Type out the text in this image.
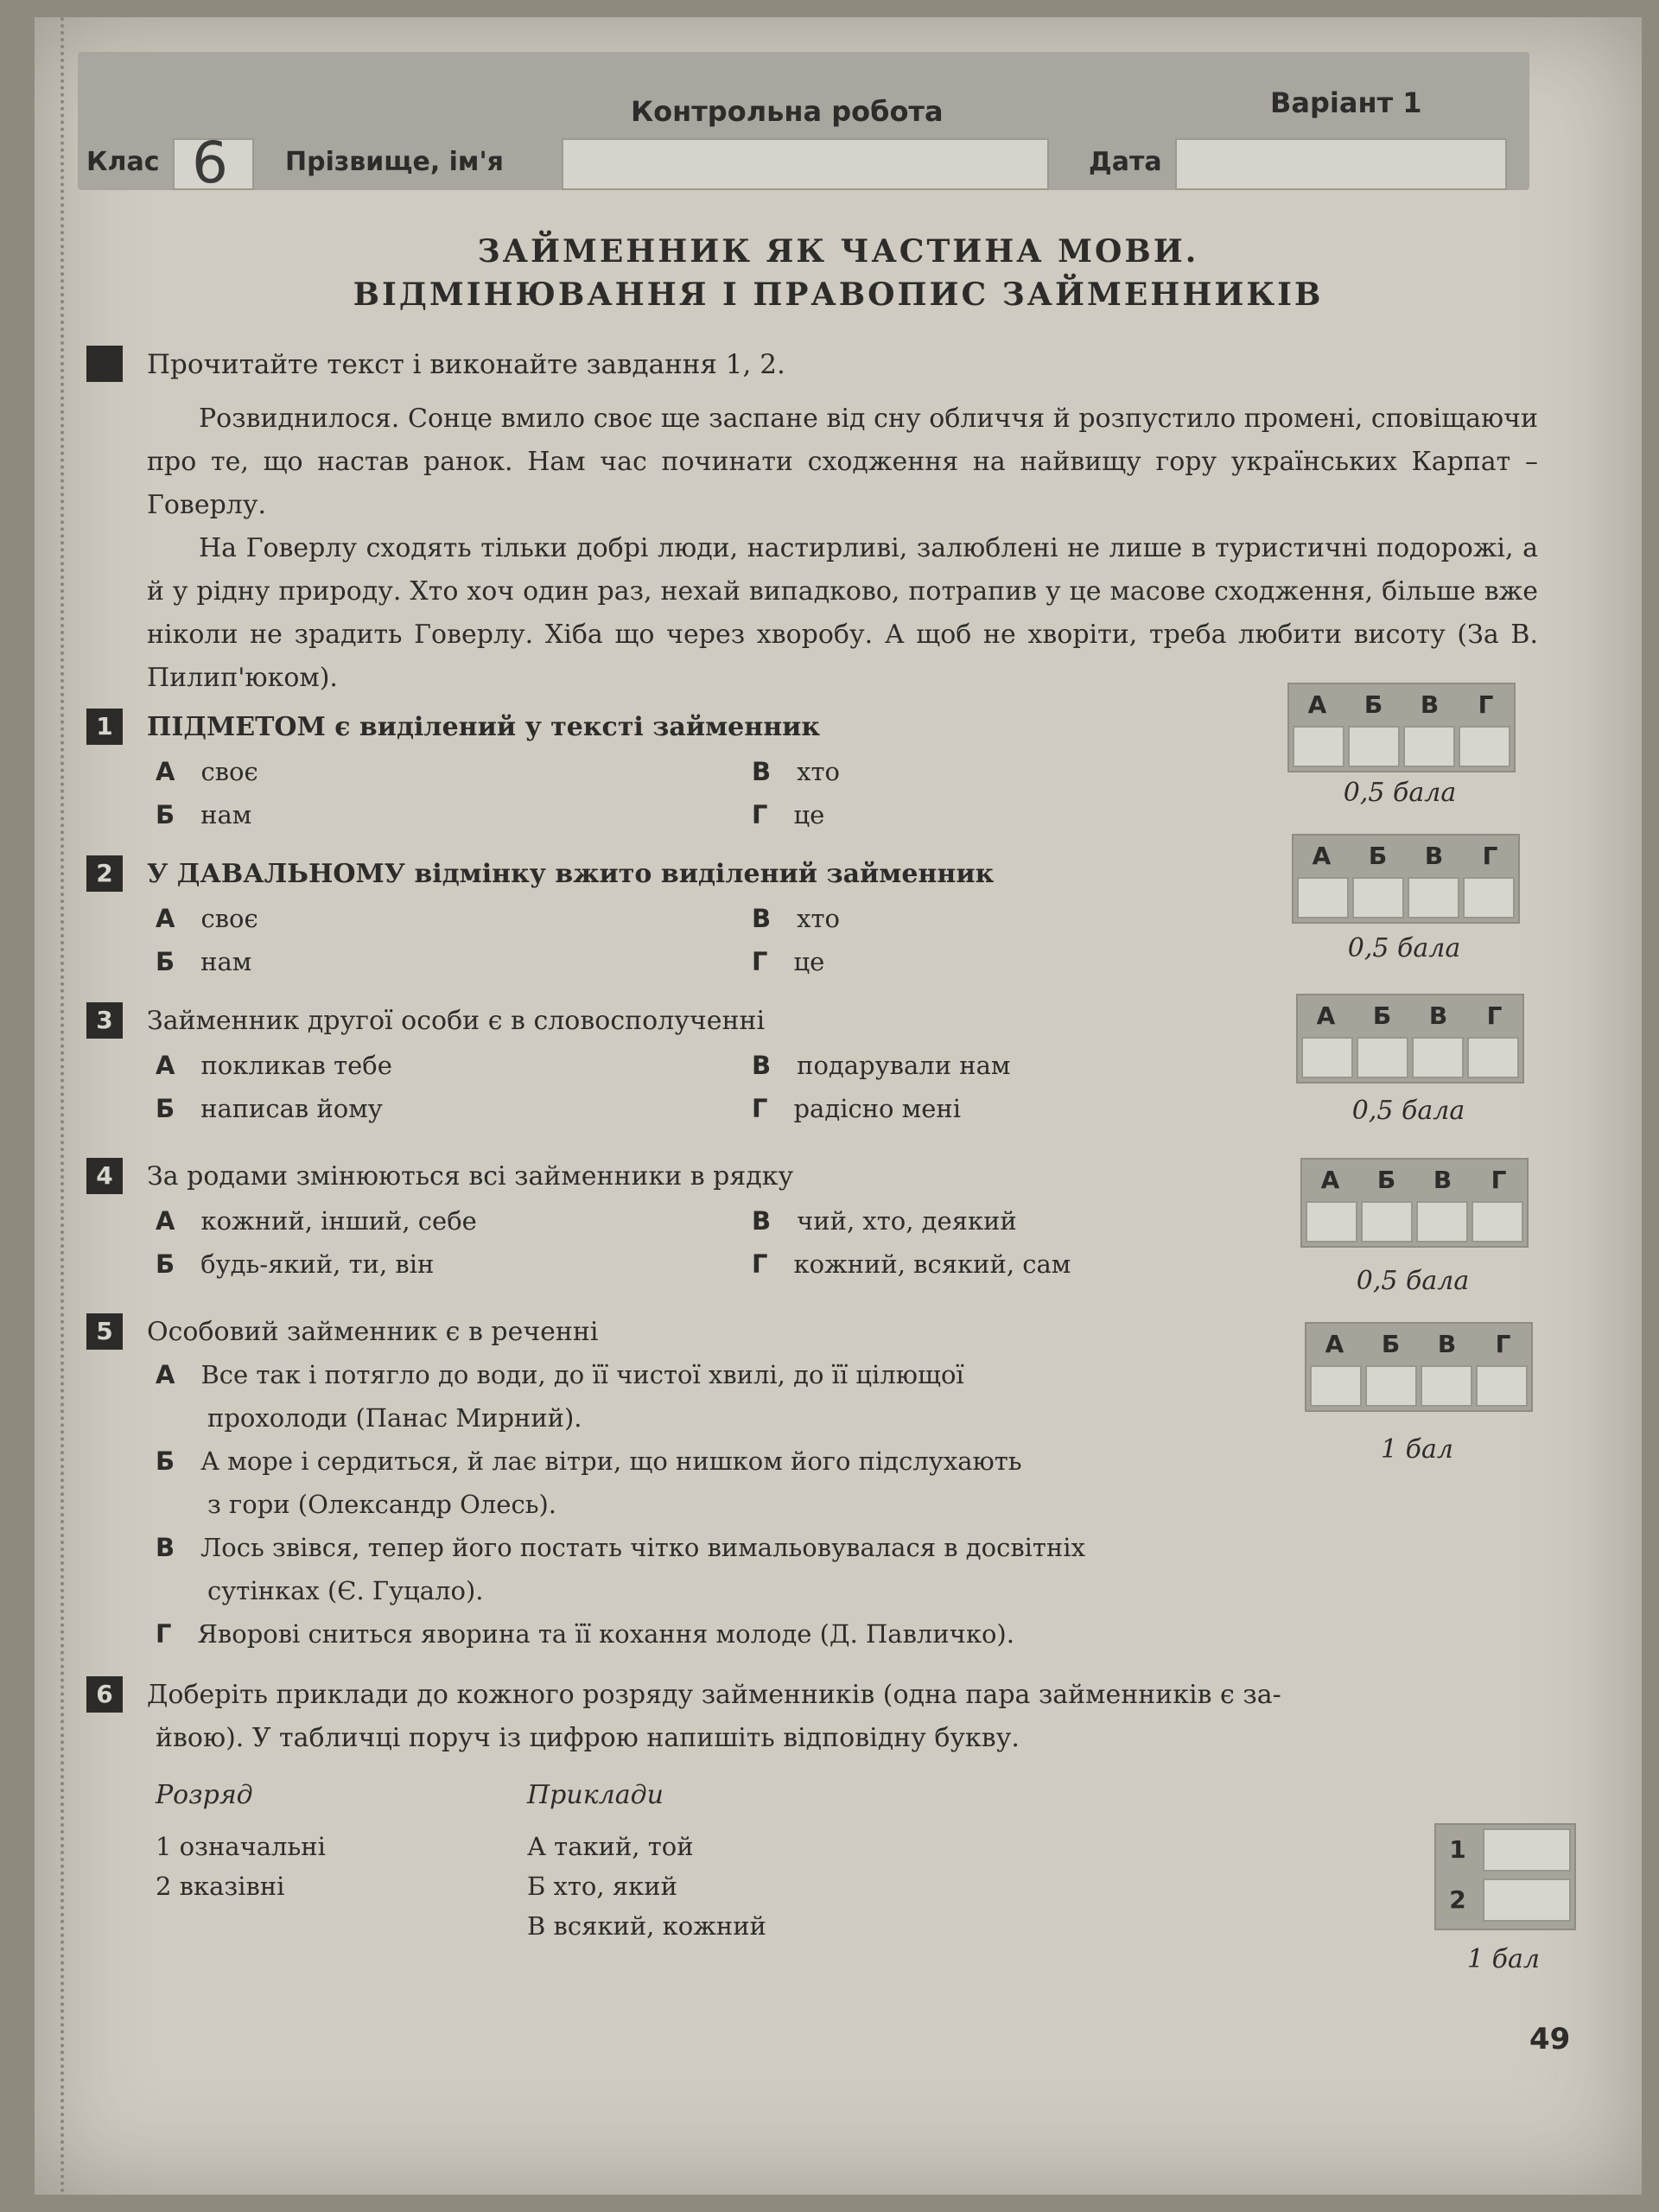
Контрольна робота	Варіант 1
Клас 6 Прізвище, ім'я	Дата
ЗАЙМЕННИК ЯК ЧАСТИНА МОВИ.
ВІДМІНЮВАННЯ І ПРАВОПИС ЗАЙМЕННИКІВ
Прочитайте текст і виконайте завдання 1, 2.

Розвиднилося. Сонце вмило своє ще заспане від сну обличчя й розпустило промені, сповіщаючи про те, що настав ранок. Нам час починати сходження на найвищу гору українських Карпат – Говерлу.

На Говерлу сходять тільки добрі люди, настирливі, залюблені не лише в туристичні подорожі, а й у рідну природу. Хто хоч один раз, нехай випадково, потрапив у це масове сходження, більше вже ніколи не зрадить Говерлу. Хіба що через хворобу. А щоб не хворіти, треба любити висоту (За В. Пилип'юком).

1	ПІДМЕТОМ є виділений у тексті займенник
А своє
Б нам
В хто
Г це
А	Б	В	Г
0,5 бала
2	У ДАВАЛЬНОМУ відмінку вжито виділений займенник
А своє
Б нам
В хто
Г це
А	Б	В	Г
0,5 бала
3	Займенник другої особи є в словосполученні
А покликав тебе
Б написав йому
В подарували нам
Г радісно мені
А	Б	В	Г
0,5 бала
4	За родами змінюються всі займенники в рядку
А кожний, інший, себе
Б будь-який, ти, він
В чий, хто, деякий
Г кожний, всякий, сам
А	Б	В	Г
0,5 бала
5	Особовий займенник є в реченні
А Все так і потягло до води, до її чистої хвилі, до її цілющої
прохолоди (Панас Мирний).
Б А море і сердиться, й лає вітри, що нишком його підслухають
з гори (Олександр Олесь).
В Лось звівся, тепер його постать чітко вимальовувалася в досвітніх
сутінках (Є. Гуцало).
Г Яворові сниться яворина та її кохання молоде (Д. Павличко).
А	Б	В	Г
1 бал
6	Доберіть приклади до кожного розряду займенників (одна пара займенників є за-
йвою). У табличці поруч із цифрою напишіть відповідну букву.
Розряд	Приклади
1 означальні
2 вказівні
А такий, той
Б хто, який
В всякий, кожний
1
2
1 бал
49
